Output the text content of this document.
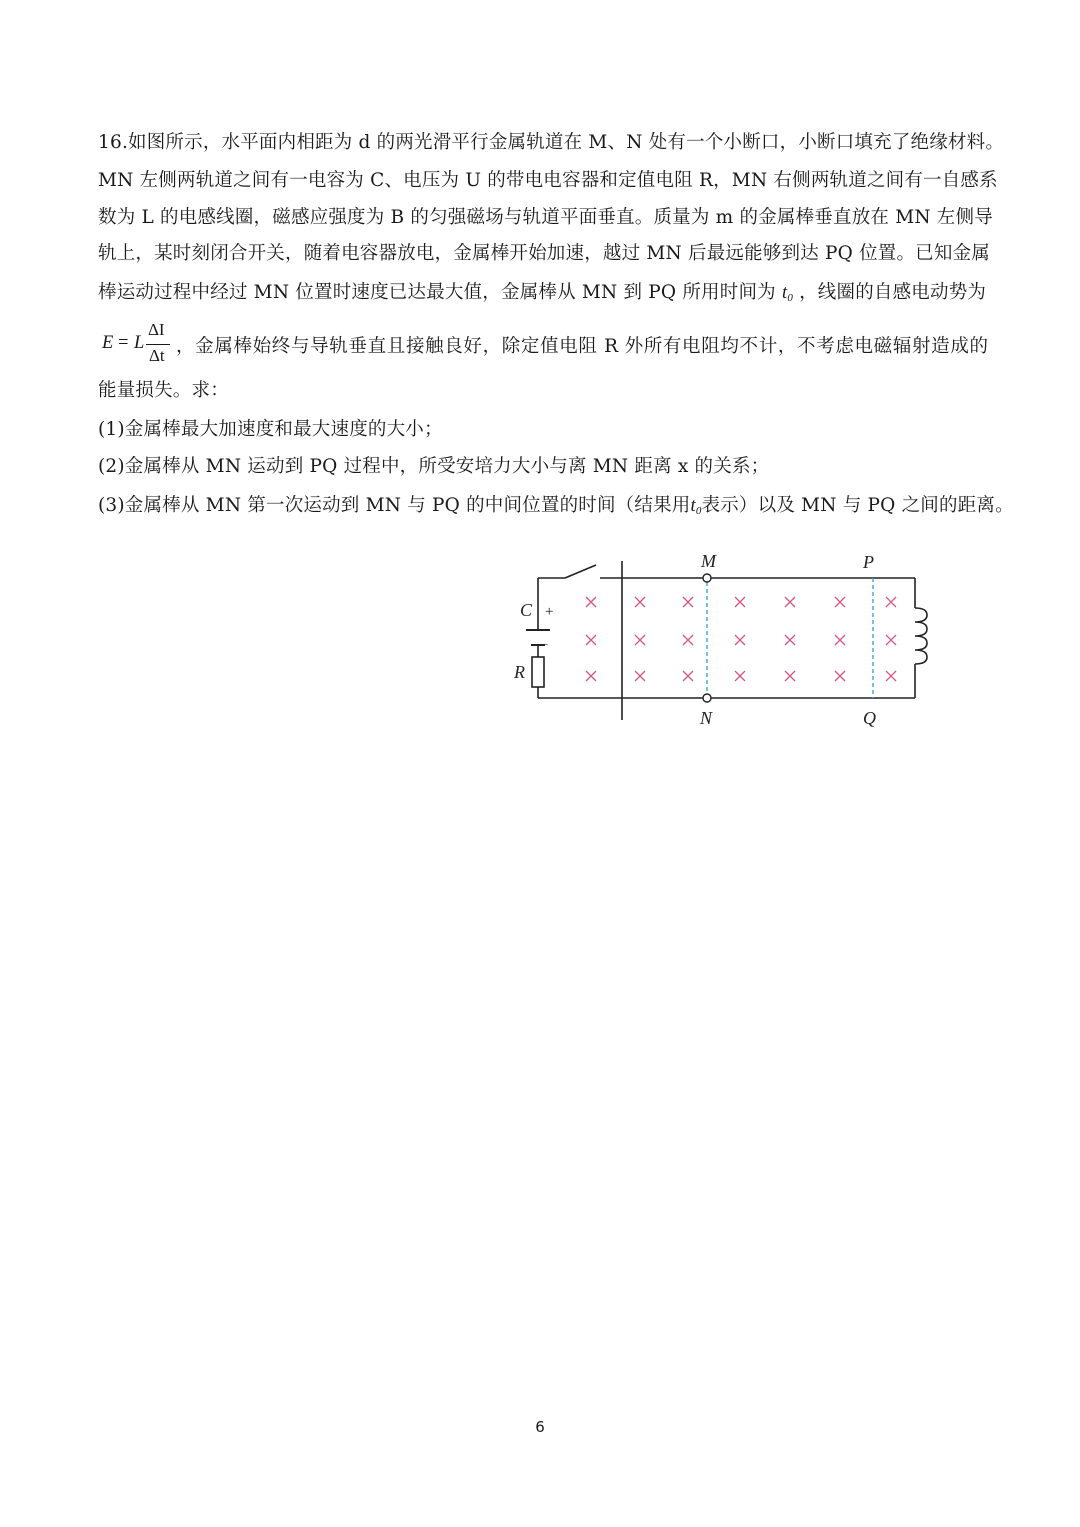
16.如图所示，水平面内相距为 d 的两光滑平行金属轨道在 M、N 处有一个小断口，小断口填充了绝缘材料。
MN 左侧两轨道之间有一电容为 C、电压为 U 的带电电容器和定值电阻 R，MN 右侧两轨道之间有一自感系
数为 L 的电感线圈，磁感应强度为 B 的匀强磁场与轨道平面垂直。质量为 m 的金属棒垂直放在 MN 左侧导
轨上，某时刻闭合开关，随着电容器放电，金属棒开始加速，越过 MN 后最远能够到达 PQ 位置。已知金属
棒运动过程中经过 MN 位置时速度已达最大值，金属棒从 MN 到 PQ 所用时间为 $t_0$ ，线圈的自感电动势为
E = L
ΔI
Δt ，金属棒始终与导轨垂直且接触良好，除定值电阻 R 外所有电阻均不计，不考虑电磁辐射造成的
能量损失。求：
(1)金属棒最大加速度和最大速度的大小；
(2)金属棒从 MN 运动到 PQ 过程中，所受安培力大小与离 MN 距离 x 的关系；
(3)金属棒从 MN 第一次运动到 MN 与 PQ 的中间位置的时间（结果用$t_0$表示）以及 MN 与 PQ 之间的距离。
C +
−
R
M
N
P
Q
6
